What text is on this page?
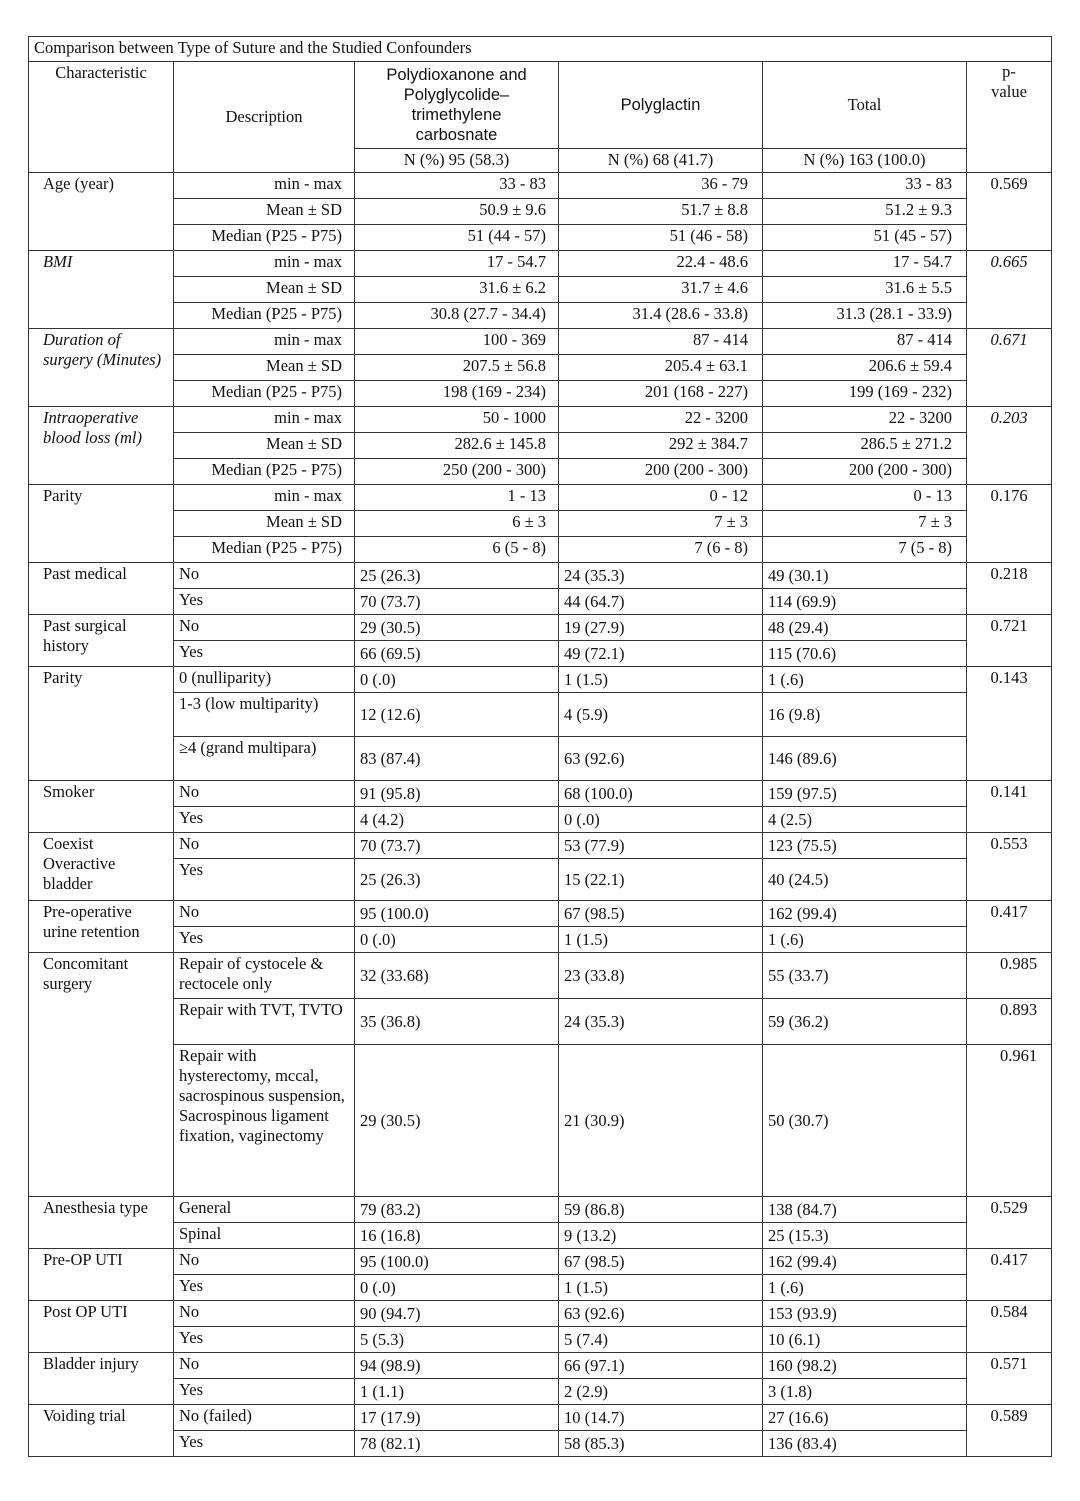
Comparison between Type of Suture and the Studied Confounders					
Characteristic	Description	Polydioxanone and Polyglycolide–trimethylene carbosnate	Polyglactin	Total	p-value
		N (%) 95 (58.3)	N (%) 68 (41.7)	N (%) 163 (100.0)	
Age (year)	min - max	33 - 83	36 - 79	33 - 83	0.569
	Mean ± SD	50.9 ± 9.6	51.7 ± 8.8	51.2 ± 9.3	
	Median (P25 - P75)	51 (44 - 57)	51 (46 - 58)	51 (45 - 57)	
BMI	min - max	17 - 54.7	22.4 - 48.6	17 - 54.7	0.665
	Mean ± SD	31.6 ± 6.2	31.7 ± 4.6	31.6 ± 5.5	
	Median (P25 - P75)	30.8 (27.7 - 34.4)	31.4 (28.6 - 33.8)	31.3 (28.1 - 33.9)	
Duration of surgery (Minutes)	min - max	100 - 369	87 - 414	87 - 414	0.671
	Mean ± SD	207.5 ± 56.8	205.4 ± 63.1	206.6 ± 59.4	
	Median (P25 - P75)	198 (169 - 234)	201 (168 - 227)	199 (169 - 232)	
Intraoperative blood loss (ml)	min - max	50 - 1000	22 - 3200	22 - 3200	0.203
	Mean ± SD	282.6 ± 145.8	292 ± 384.7	286.5 ± 271.2	
	Median (P25 - P75)	250 (200 - 300)	200 (200 - 300)	200 (200 - 300)	
Parity	min - max	1 - 13	0 - 12	0 - 13	0.176
	Mean ± SD	6 ± 3	7 ± 3	7 ± 3	
	Median (P25 - P75)	6 (5 - 8)	7 (6 - 8)	7 (5 - 8)	
Past medical	No	25 (26.3)	24 (35.3)	49 (30.1)	0.218
	Yes	70 (73.7)	44 (64.7)	114 (69.9)	
Past surgical history	No	29 (30.5)	19 (27.9)	48 (29.4)	0.721
	Yes	66 (69.5)	49 (72.1)	115 (70.6)	
Parity	0 (nulliparity)	0 (.0)	1 (1.5)	1 (.6)	0.143
	1-3 (low multiparity)	12 (12.6)	4 (5.9)	16 (9.8)	
	≥4 (grand multipara)	83 (87.4)	63 (92.6)	146 (89.6)	
Smoker	No	91 (95.8)	68 (100.0)	159 (97.5)	0.141
	Yes	4 (4.2)	0 (.0)	4 (2.5)	
Coexist Overactive bladder	No	70 (73.7)	53 (77.9)	123 (75.5)	0.553
	Yes	25 (26.3)	15 (22.1)	40 (24.5)	
Pre-operative urine retention	No	95 (100.0)	67 (98.5)	162 (99.4)	0.417
	Yes	0 (.0)	1 (1.5)	1 (.6)	
Concomitant surgery	Repair of cystocele & rectocele only	32 (33.68)	23 (33.8)	55 (33.7)	0.985
	Repair with TVT, TVTO	35 (36.8)	24 (35.3)	59 (36.2)	0.893
	Repair with hysterectomy, mccal, sacrospinous suspension, Sacrospinous ligament fixation, vaginectomy	29 (30.5)	21 (30.9)	50 (30.7)	0.961
Anesthesia type	General	79 (83.2)	59 (86.8)	138 (84.7)	0.529
	Spinal	16 (16.8)	9 (13.2)	25 (15.3)	
Pre-OP UTI	No	95 (100.0)	67 (98.5)	162 (99.4)	0.417
	Yes	0 (.0)	1 (1.5)	1 (.6)	
Post OP UTI	No	90 (94.7)	63 (92.6)	153 (93.9)	0.584
	Yes	5 (5.3)	5 (7.4)	10 (6.1)	
Bladder injury	No	94 (98.9)	66 (97.1)	160 (98.2)	0.571
	Yes	1 (1.1)	2 (2.9)	3 (1.8)	
Voiding trial	No (failed)	17 (17.9)	10 (14.7)	27 (16.6)	0.589
	Yes	78 (82.1)	58 (85.3)	136 (83.4)	
